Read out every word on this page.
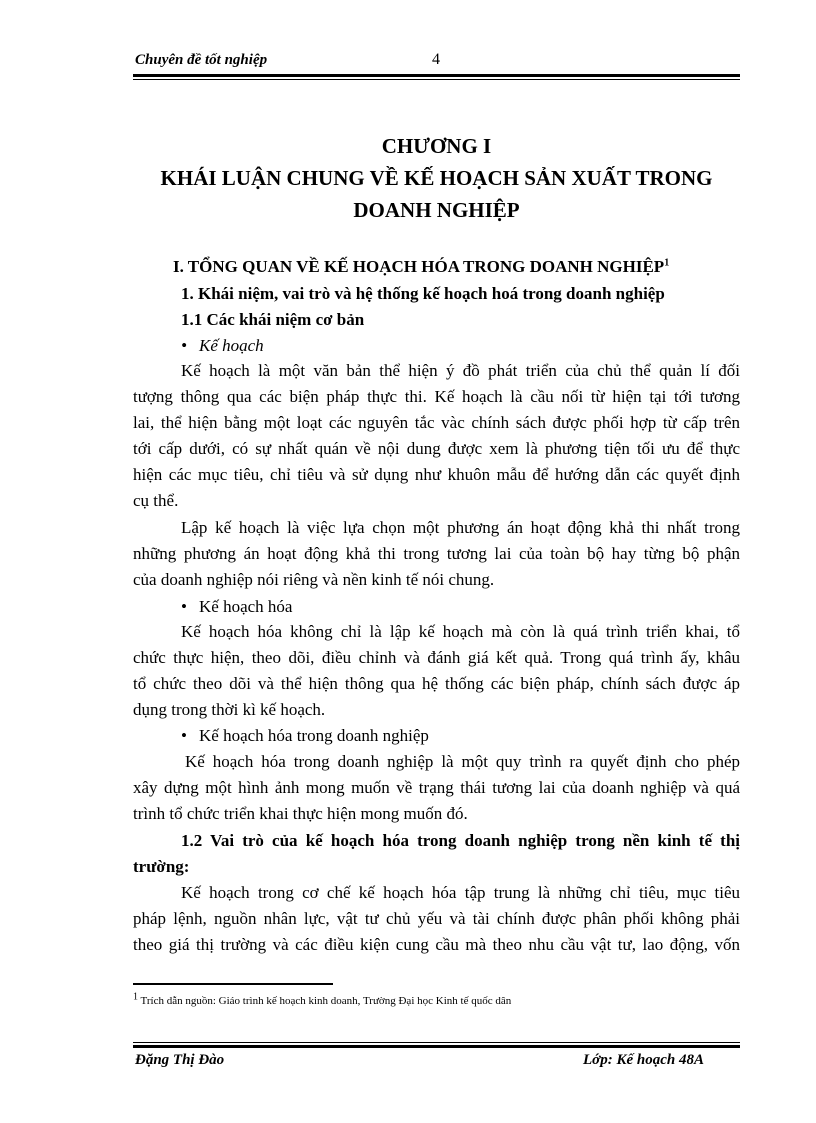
Chuyên đề tốt nghiệp	4
CHƯƠNG I
KHÁI LUẬN CHUNG VỀ KẾ HOẠCH SẢN XUẤT TRONG
DOANH NGHIỆP
I. TỔNG QUAN VỀ KẾ HOẠCH HÓA TRONG DOANH NGHIỆP$^1$
1. Khái niệm, vai trò và hệ thống kế hoạch hoá trong doanh nghiệp
1.1 Các khái niệm cơ bản
• Kế hoạch
Kế hoạch là một văn bản thể hiện ý đồ phát triển của chủ thể quản lí đối
tượng thông qua các biện pháp thực thi. Kế hoạch là cầu nối từ hiện tại tới tương
lai, thể hiện bằng một loạt các nguyên tắc vàc chính sách được phối hợp từ cấp trên
tới cấp dưới, có sự nhất quán về nội dung được xem là phương tiện tối ưu để thực
hiện các mục tiêu, chỉ tiêu và sử dụng như khuôn mẫu để hướng dẫn các quyết định
cụ thể.
Lập kế hoạch là việc lựa chọn một phương án hoạt động khả thi nhất trong
những phương án hoạt động khả thi trong tương lai của toàn bộ hay từng bộ phận
của doanh nghiệp nói riêng và nền kinh tế nói chung.
• Kế hoạch hóa
Kế hoạch hóa không chỉ là lập kế hoạch mà còn là quá trình triển khai, tổ
chức thực hiện, theo dõi, điều chỉnh và đánh giá kết quả. Trong quá trình ấy, khâu
tổ chức theo dõi và thể hiện thông qua hệ thống các biện pháp, chính sách được áp
dụng trong thời kì kế hoạch.
• Kế hoạch hóa trong doanh nghiệp
Kế hoạch hóa trong doanh nghiệp là một quy trình ra quyết định cho phép
xây dựng một hình ảnh mong muốn về trạng thái tương lai của doanh nghiệp và quá
trình tổ chức triển khai thực hiện mong muốn đó.
1.2 Vai trò của kế hoạch hóa trong doanh nghiệp trong nền kinh tế thị
trường:
Kế hoạch trong cơ chế kế hoạch hóa tập trung là những chỉ tiêu, mục tiêu
pháp lệnh, nguồn nhân lực, vật tư chủ yếu và tài chính được phân phối không phải
theo giá thị trường và các điều kiện cung cầu mà theo nhu cầu vật tư, lao động, vốn
1 Trích dẫn nguồn: Giáo trình kế hoạch kinh doanh, Trường Đại học Kinh tế quốc dân
Đặng Thị Đào	Lớp: Kế hoạch 48A
